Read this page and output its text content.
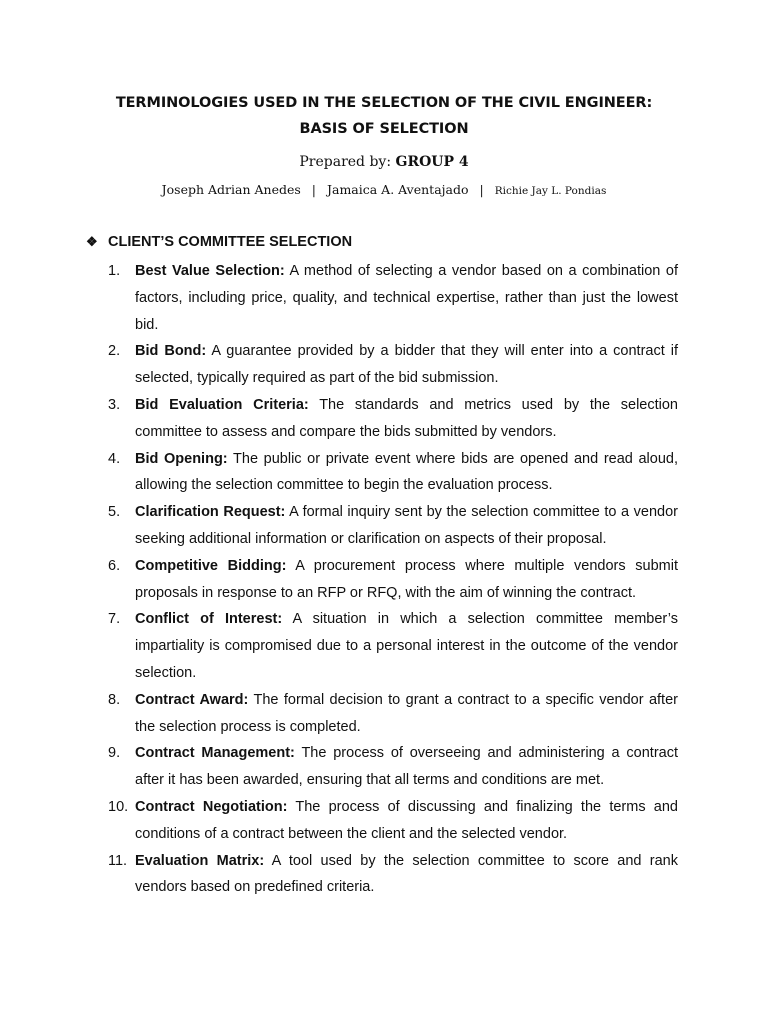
TERMINOLOGIES USED IN THE SELECTION OF THE CIVIL ENGINEER:
BASIS OF SELECTION
Prepared by: GROUP 4
Joseph Adrian Anedes | Jamaica A. Aventajado | Richie Jay L. Pondias
❖ CLIENT’S COMMITTEE SELECTION
1.	Best Value Selection: A method of selecting a vendor based on a combination of factors, including price, quality, and technical expertise, rather than just the lowest bid.
2.	Bid Bond: A guarantee provided by a bidder that they will enter into a contract if selected, typically required as part of the bid submission.
3.	Bid Evaluation Criteria: The standards and metrics used by the selection committee to assess and compare the bids submitted by vendors.
4.	Bid Opening: The public or private event where bids are opened and read aloud, allowing the selection committee to begin the evaluation process.
5.	Clarification Request: A formal inquiry sent by the selection committee to a vendor seeking additional information or clarification on aspects of their proposal.
6.	Competitive Bidding: A procurement process where multiple vendors submit proposals in response to an RFP or RFQ, with the aim of winning the contract.
7.	Conflict of Interest: A situation in which a selection committee member’s impartiality is compromised due to a personal interest in the outcome of the vendor selection.
8.	Contract Award: The formal decision to grant a contract to a specific vendor after the selection process is completed.
9.	Contract Management: The process of overseeing and administering a contract after it has been awarded, ensuring that all terms and conditions are met.
10. Contract Negotiation: The process of discussing and finalizing the terms and conditions of a contract between the client and the selected vendor.
11. Evaluation Matrix: A tool used by the selection committee to score and rank vendors based on predefined criteria.
